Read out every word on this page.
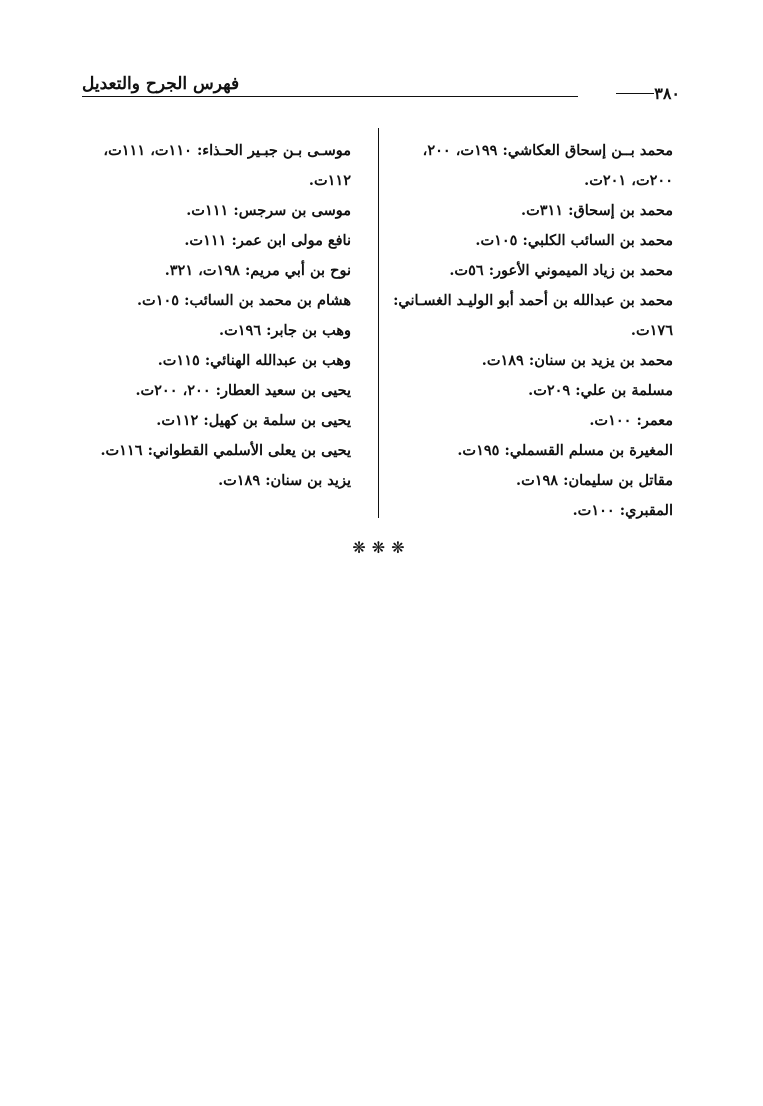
فهرس الجرح والتعديل	٣٨٠
محمد بــن إسحاق العكاشي: ١٩٩ت، ٢٠٠،
٢٠٠ت، ٢٠١ت.
محمد بن إسحاق: ٣١١ت.
محمد بن السائب الكلبي: ١٠٥ت.
محمد بن زياد الميموني الأعور: ٥٦ت.
محمد بن عبدالله بن أحمد أبو الوليـد الغسـاني:
١٧٦ت.
محمد بن يزيد بن سنان: ١٨٩ت.
مسلمة بن علي: ٢٠٩ت.
معمر: ١٠٠ت.
المغيرة بن مسلم القسملي: ١٩٥ت.
مقاتل بن سليمان: ١٩٨ت.
المقبري: ١٠٠ت.
موسـى بـن جبـير الحـذاء: ١١٠ت، ١١١ت،
١١٢ت.
موسى بن سرجس: ١١١ت.
نافع مولى ابن عمر: ١١١ت.
نوح بن أبي مريم: ١٩٨ت، ٣٢١.
هشام بن محمد بن السائب: ١٠٥ت.
وهب بن جابر: ١٩٦ت.
وهب بن عبدالله الهنائي: ١١٥ت.
يحيى بن سعيد العطار: ٢٠٠، ٢٠٠ت.
يحيى بن سلمة بن كهيل: ١١٢ت.
يحيى بن يعلى الأسلمي القطواني: ١١٦ت.
يزيد بن سنان: ١٨٩ت.
❋❋❋
